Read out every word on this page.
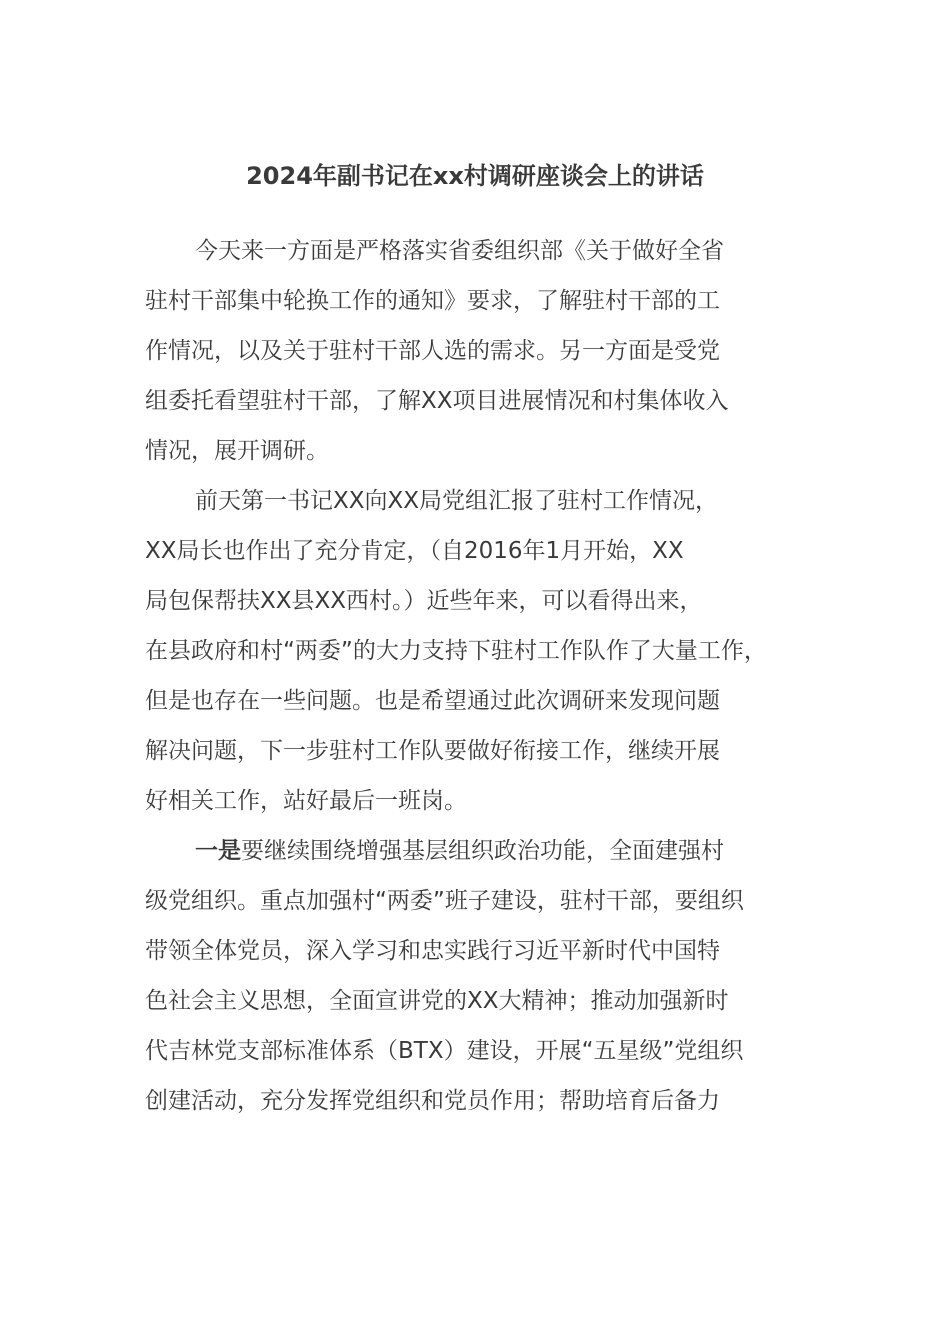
2024年副书记在xx村调研座谈会上的讲话

今天来一方面是严格落实省委组织部《关于做好全省
驻村干部集中轮换工作的通知》要求，了解驻村干部的工
作情况，以及关于驻村干部人选的需求。另一方面是受党
组委托看望驻村干部，了解XX项目进展情况和村集体收入
情况，展开调研。

前天第一书记XX向XX局党组汇报了驻村工作情况，
XX局长也作出了充分肯定，（自2016年1月开始，XX
局包保帮扶XX县XX西村。）近些年来，可以看得出来，
在县政府和村“两委”的大力支持下驻村工作队作了大量工作，
但是也存在一些问题。也是希望通过此次调研来发现问题
解决问题，下一步驻村工作队要做好衔接工作，继续开展
好相关工作，站好最后一班岗。

一是要继续围绕增强基层组织政治功能，全面建强村
级党组织。重点加强村“两委”班子建设，驻村干部，要组织
带领全体党员，深入学习和忠实践行习近平新时代中国特
色社会主义思想，全面宣讲党的XX大精神；推动加强新时
代吉林党支部标准体系（BTX）建设，开展“五星级”党组织
创建活动，充分发挥党组织和党员作用；帮助培育后备力
